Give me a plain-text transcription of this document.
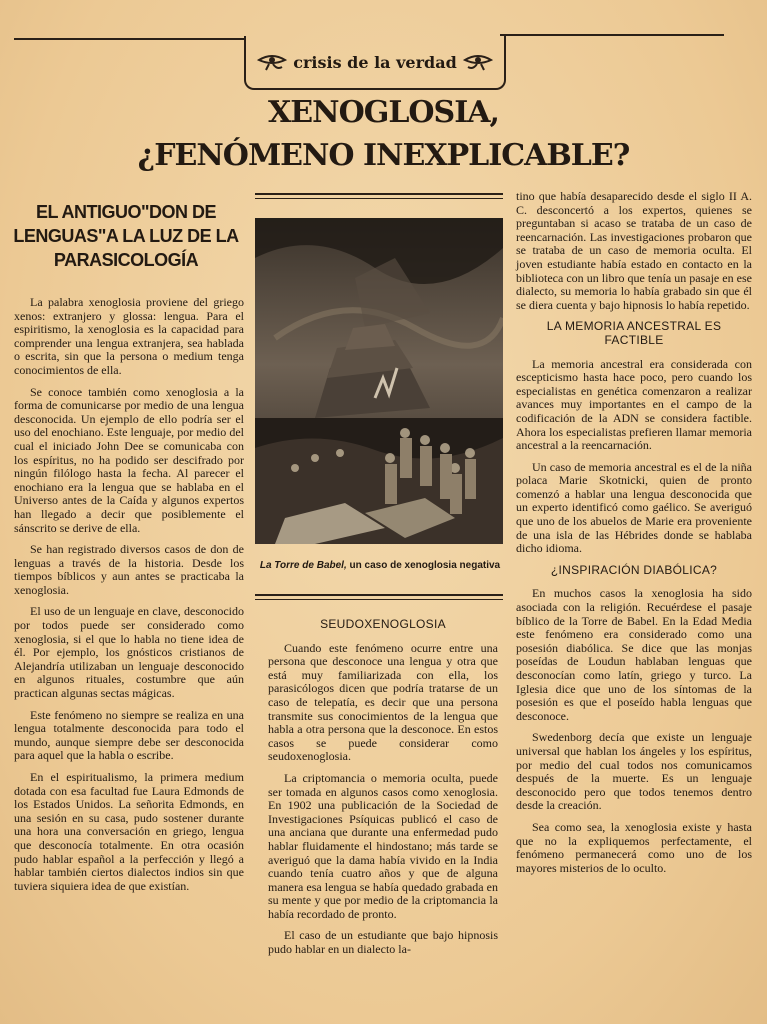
crisis de la verdad
XENOGLOSIA,
¿FENÓMENO INEXPLICABLE?
EL ANTIGUO"DON DE LENGUAS"A LA LUZ DE LA PARASICOLOGÍA

La palabra xenoglosia proviene del griego xenos: extranjero y glossa: lengua. Para el espiritismo, la xenoglosia es la capacidad para comprender una lengua extranjera, sea hablada o escrita, sin que la persona o medium tenga conocimientos de ella.

Se conoce también como xenoglosia a la forma de comunicarse por medio de una lengua desconocida. Un ejemplo de ello podría ser el uso del enochiano. Este lenguaje, por medio del cual el iniciado John Dee se comunicaba con los espíritus, no ha podido ser descifrado por ningún filólogo hasta la fecha. Al parecer el enochiano era la lengua que se hablaba en el Universo antes de la Caída y algunos expertos han llegado a decir que posiblemente el sánscrito se derive de ella.

Se han registrado diversos casos de don de lenguas a través de la historia. Desde los tiempos bíblicos y aun antes se practicaba la xenoglosia.

El uso de un lenguaje en clave, desconocido por todos puede ser considerado como xenoglosia, si el que lo habla no tiene idea de él. Por ejemplo, los gnósticos cristianos de Alejandría utilizaban un lenguaje desconocido en algunos rituales, costumbre que aún practican algunas sectas mágicas.

Este fenómeno no siempre se realiza en una lengua totalmente desconocida para todo el mundo, aunque siempre debe ser desconocida para aquel que la habla o escribe.

En el espiritualismo, la primera medium dotada con esa facultad fue Laura Edmonds de los Estados Unidos. La señorita Edmonds, en una sesión en su casa, pudo sostener durante una hora una conversación en griego, lengua que desconocía totalmente. En otra ocasión pudo hablar español a la perfección y llegó a hablar también ciertos dialectos indios sin que tuviera siquiera idea de que existían.

La Torre de Babel, un caso de xenoglosia negativa
SEUDOXENOGLOSIA

Cuando este fenómeno ocurre entre una persona que desconoce una lengua y otra que está muy familiarizada con ella, los parasicólogos dicen que podría tratarse de un caso de telepatía, es decir que una persona transmite sus conocimientos de la lengua que habla a otra persona que la desconoce. En estos casos se puede considerar como seudoxenoglosia.

La criptomancia o memoria oculta, puede ser tomada en algunos casos como xenoglosia. En 1902 una publicación de la Sociedad de Investigaciones Psíquicas publicó el caso de una anciana que durante una enfermedad pudo hablar fluidamente el hindostano; más tarde se averiguó que la dama había vivido en la India cuando tenía cuatro años y que de alguna manera esa lengua se había quedado grabada en su mente y que por medio de la criptomancia la había recordado de pronto.

El caso de un estudiante que bajo hipnosis pudo hablar en un dialecto la-

tino que había desaparecido desde el siglo II A. C. desconcertó a los expertos, quienes se preguntaban si acaso se trataba de un caso de reencarnación. Las investigaciones probaron que se trataba de un caso de memoria oculta. El joven estudiante había estado en contacto en la biblioteca con un libro que tenía un pasaje en ese dialecto, su memoria lo había grabado sin que él se diera cuenta y bajo hipnosis lo había repetido.

LA MEMORIA ANCESTRAL ES FACTIBLE

La memoria ancestral era considerada con escepticismo hasta hace poco, pero cuando los especialistas en genética comenzaron a realizar avances muy importantes en el campo de la codificación de la ADN se considera factible. Ahora los especialistas prefieren llamar memoria ancestral a la reencarnación.

Un caso de memoria ancestral es el de la niña polaca Marie Skotnicki, quien de pronto comenzó a hablar una lengua desconocida que un experto identificó como gaélico. Se averiguó que uno de los abuelos de Marie era proveniente de una isla de las Hébrides donde se hablaba dicho idioma.

¿INSPIRACIÓN DIABÓLICA?

En muchos casos la xenoglosia ha sido asociada con la religión. Recuérdese el pasaje bíblico de la Torre de Babel. En la Edad Media este fenómeno era considerado como una posesión diabólica. Se dice que las monjas poseídas de Loudun hablaban lenguas que desconocían como latín, griego y turco. La Iglesia dice que uno de los síntomas de la posesión es que el poseído habla lenguas que desconoce.

Swedenborg decía que existe un lenguaje universal que hablan los ángeles y los espíritus, por medio del cual todos nos comunicamos después de la muerte. Es un lenguaje desconocido pero que todos tenemos dentro desde la creación.

Sea como sea, la xenoglosia existe y hasta que no la expliquemos perfectamente, el fenómeno permanecerá como uno de los mayores misterios de lo oculto.
